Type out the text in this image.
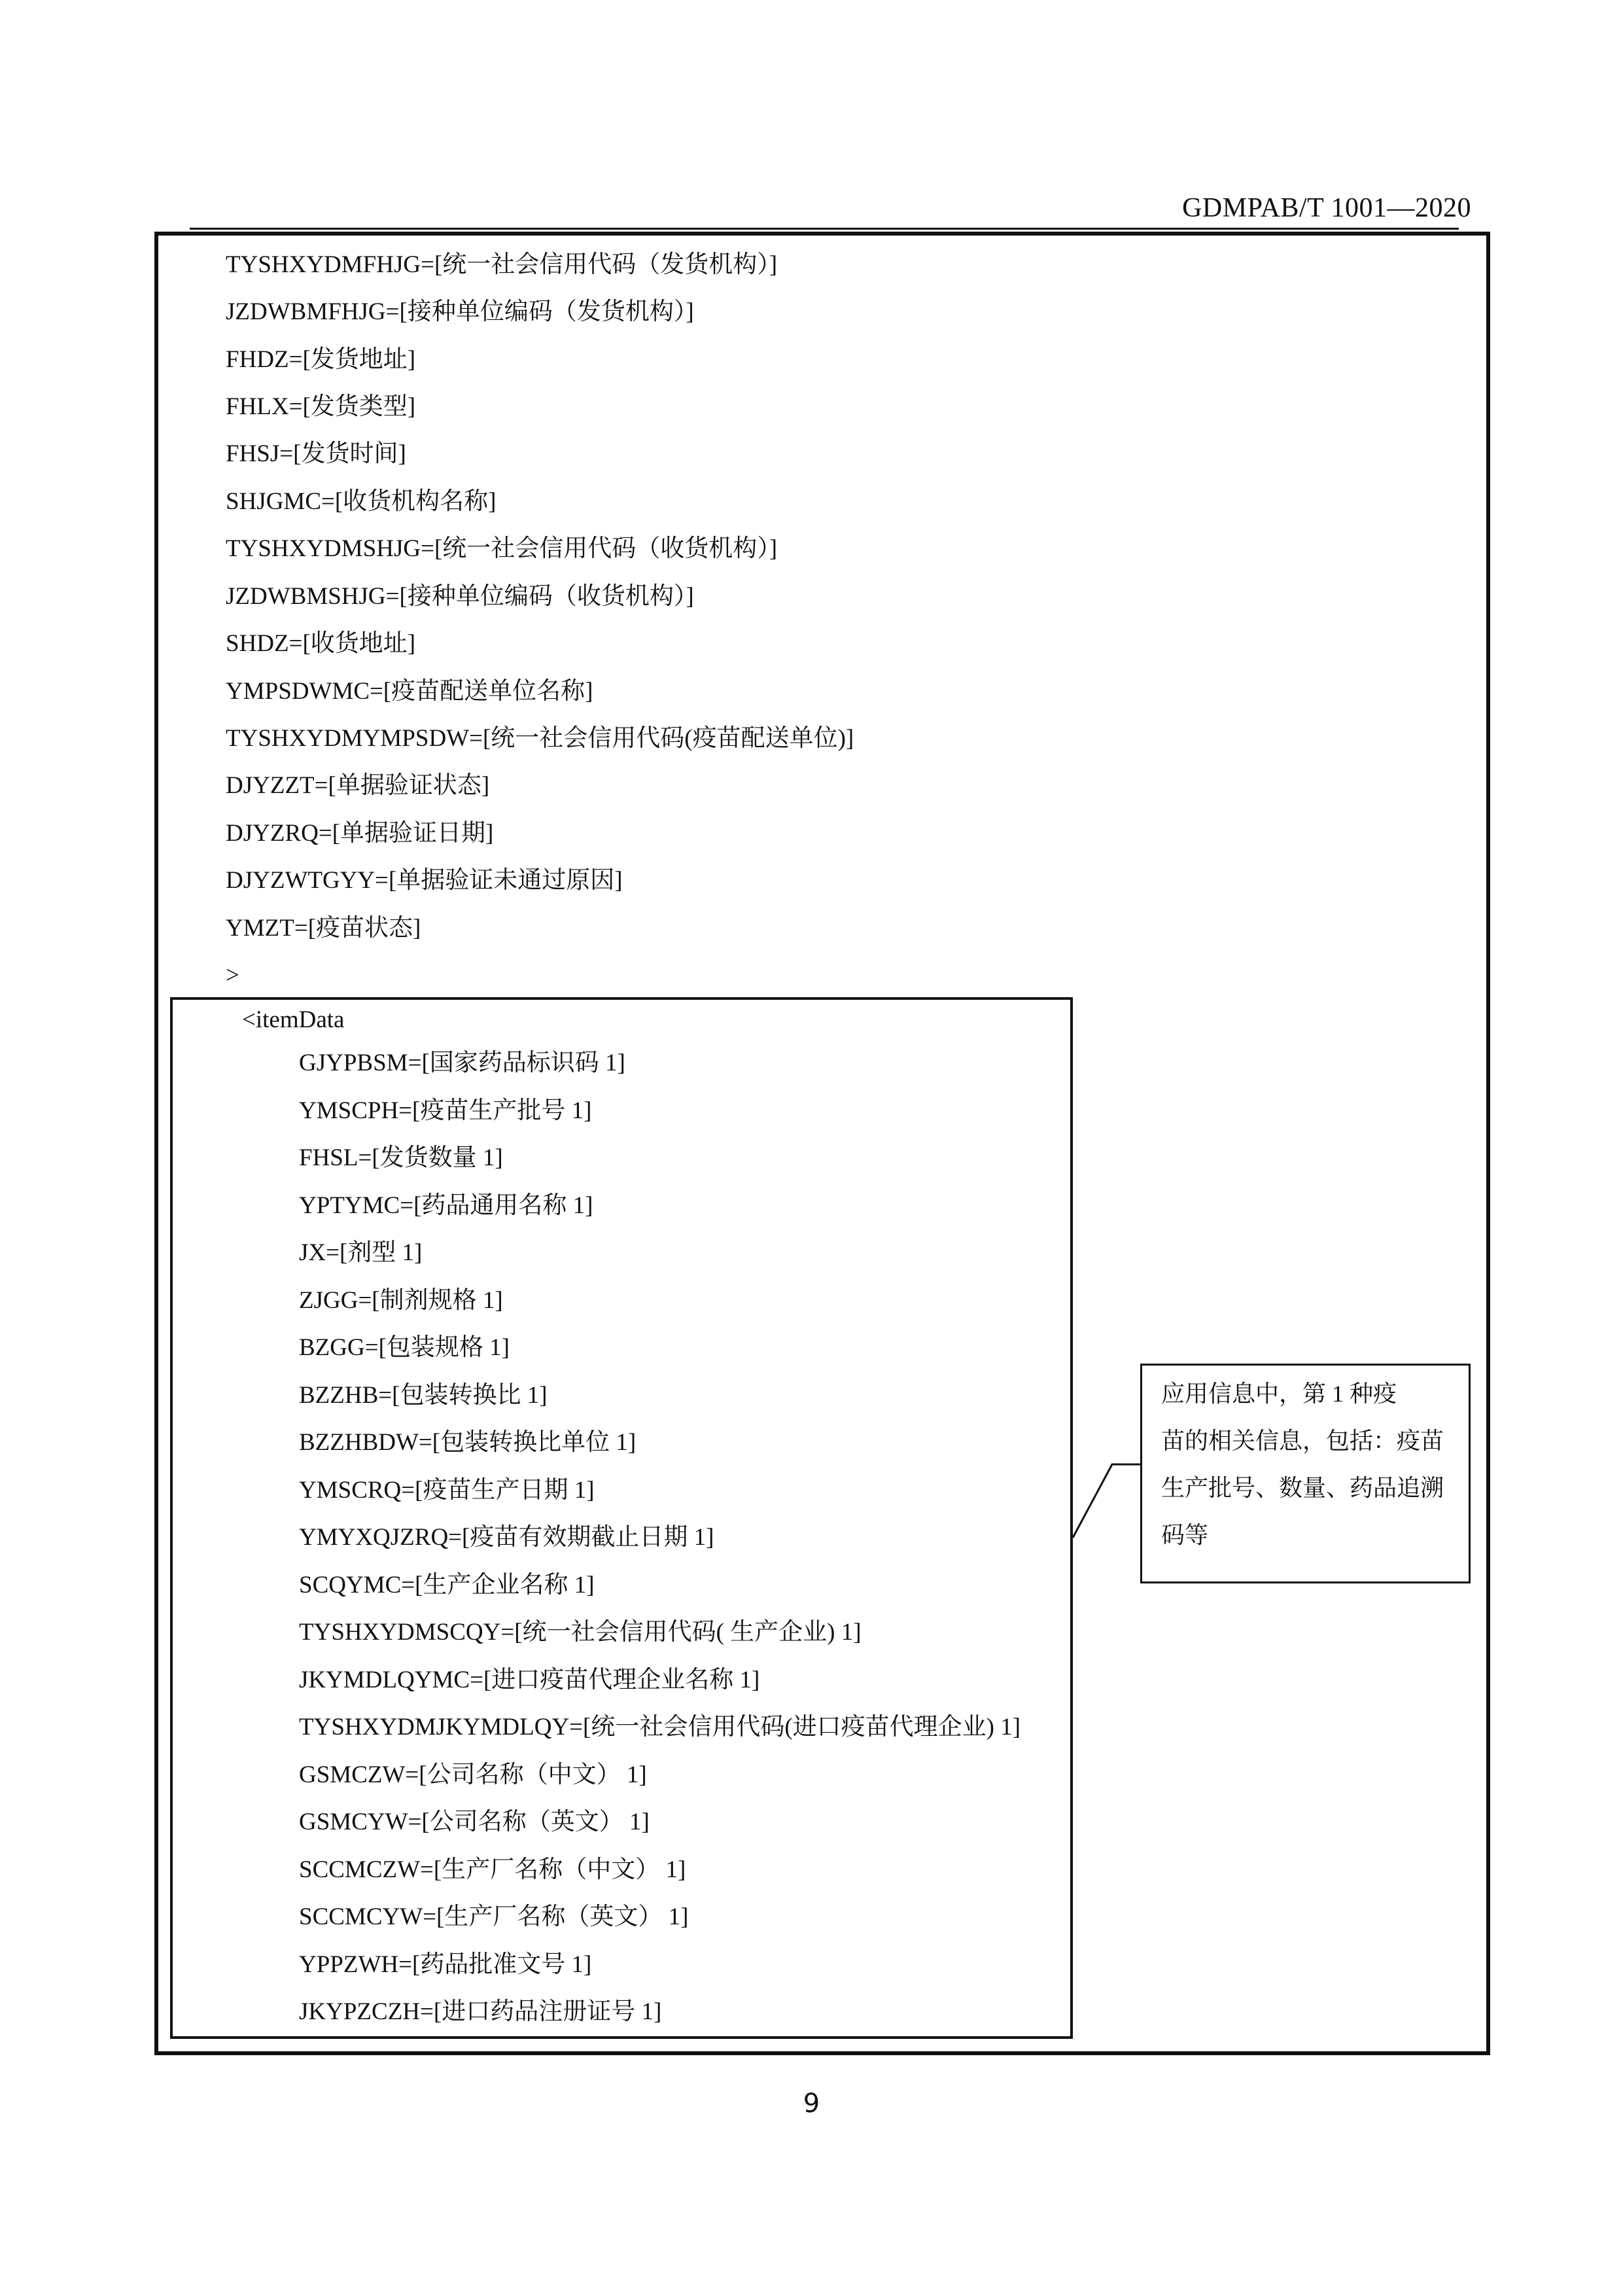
GDMPAB/T 1001—2020
TYSHXYDMFHJG=[统一社会信用代码（发货机构）]
JZDWBMFHJG=[接种单位编码（发货机构）]
FHDZ=[发货地址]
FHLX=[发货类型]
FHSJ=[发货时间]
SHJGMC=[收货机构名称]
TYSHXYDMSHJG=[统一社会信用代码（收货机构）]
JZDWBMSHJG=[接种单位编码（收货机构）]
SHDZ=[收货地址]
YMPSDWMC=[疫苗配送单位名称]
TYSHXYDMYMPSDW=[统一社会信用代码(疫苗配送单位)]
DJYZZT=[单据验证状态]
DJYZRQ=[单据验证日期]
DJYZWTGYY=[单据验证未通过原因]
YMZT=[疫苗状态]
>
<itemData
GJYPBSM=[国家药品标识码 1]
YMSCPH=[疫苗生产批号 1]
FHSL=[发货数量 1]
YPTYMC=[药品通用名称 1]
JX=[剂型 1]
ZJGG=[制剂规格 1]
BZGG=[包装规格 1]
BZZHB=[包装转换比 1]
BZZHBDW=[包装转换比单位 1]
YMSCRQ=[疫苗生产日期 1]
YMYXQJZRQ=[疫苗有效期截止日期 1]
SCQYMC=[生产企业名称 1]
TYSHXYDMSCQY=[统一社会信用代码( 生产企业) 1]
JKYMDLQYMC=[进口疫苗代理企业名称 1]
TYSHXYDMJKYMDLQY=[统一社会信用代码(进口疫苗代理企业) 1]
GSMCZW=[公司名称（中文） 1]
GSMCYW=[公司名称（英文） 1]
SCCMCZW=[生产厂名称（中文） 1]
SCCMCYW=[生产厂名称（英文） 1]
YPPZWH=[药品批准文号 1]
JKYPZCZH=[进口药品注册证号 1]
应用信息中，第 1 种疫
苗的相关信息，包括：疫苗
生产批号、数量、药品追溯
码等
9
